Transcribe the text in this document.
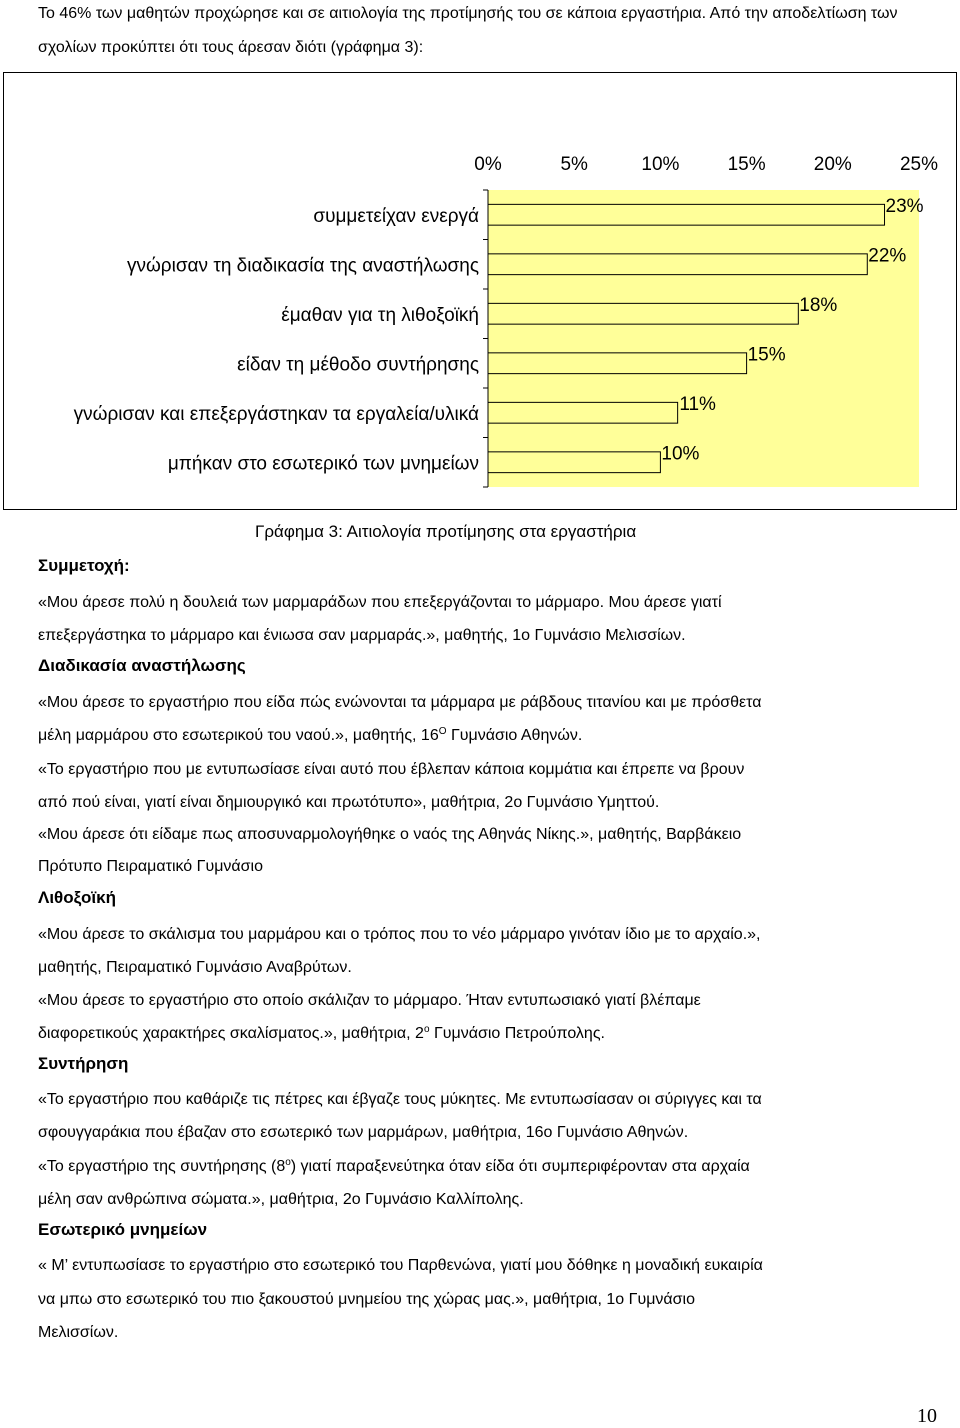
Το 46% των μαθητών προχώρησε και σε αιτιολογία της προτίμησής του σε κάποια εργαστήρια. Από την αποδελτίωση των σχολίων προκύπτει ότι τους άρεσαν διότι (γράφημα 3):
0%	5%	10%	15%	20%	25%
συμμετείχαν ενεργά	23%
γνώρισαν τη διαδικασία της αναστήλωσης	22%
έμαθαν για τη λιθοξοϊκή	18%
είδαν τη μέθοδο συντήρησης	15%
γνώρισαν και επεξεργάστηκαν τα εργαλεία/υλικά	11%
μπήκαν στο εσωτερικό των μνημείων	10%
Γράφημα 3: Αιτιολογία προτίμησης στα εργαστήρια
Συμμετοχή:
«Μου άρεσε πολύ η δουλειά των μαρμαράδων που επεξεργάζονται το μάρμαρο. Μου άρεσε γιατί
επεξεργάστηκα το μάρμαρο και ένιωσα σαν μαρμαράς.», μαθητής, 1ο Γυμνάσιο Μελισσίων.
Διαδικασία αναστήλωσης
«Μου άρεσε το εργαστήριο που είδα πώς ενώνονται τα μάρμαρα με ράβδους τιτανίου και με πρόσθετα
μέλη μαρμάρου στο εσωτερικού του ναού.», μαθητής, $16^O$ Γυμνάσιο Αθηνών.
«Το εργαστήριο που με εντυπωσίασε είναι αυτό που έβλεπαν κάποια κομμάτια και έπρεπε να βρουν
από πού είναι, γιατί είναι δημιουργικό και πρωτότυπο», μαθήτρια, 2ο Γυμνάσιο Υμηττού.
«Μου άρεσε ότι είδαμε πως αποσυναρμολογήθηκε ο ναός της Αθηνάς Νίκης.», μαθητής, Βαρβάκειο
Πρότυπο Πειραματικό Γυμνάσιο
Λιθοξοϊκή
«Μου άρεσε το σκάλισμα του μαρμάρου και ο τρόπος που το νέο μάρμαρο γινόταν ίδιο με το αρχαίο.»,
μαθητής, Πειραματικό Γυμνάσιο Αναβρύτων.
«Μου άρεσε το εργαστήριο στο οποίο σκάλιζαν το μάρμαρο. Ήταν εντυπωσιακό γιατί βλέπαμε
διαφορετικούς χαρακτήρες σκαλίσματος.», μαθήτρια, $2^o$ Γυμνάσιο Πετρούπολης.
Συντήρηση
«Το εργαστήριο που καθάριζε τις πέτρες και έβγαζε τους μύκητες. Με εντυπωσίασαν οι σύριγγες και τα
σφουγγαράκια που έβαζαν στο εσωτερικό των μαρμάρων, μαθήτρια, 16ο Γυμνάσιο Αθηνών.
«Το εργαστήριο της συντήρησης $(8^o)$ γιατί παραξενεύτηκα όταν είδα ότι συμπεριφέρονταν στα αρχαία
μέλη σαν ανθρώπινα σώματα.», μαθήτρια, 2ο Γυμνάσιο Καλλίπολης.
Εσωτερικό μνημείων
« Μ’ εντυπωσίασε το εργαστήριο στο εσωτερικό του Παρθενώνα, γιατί μου δόθηκε η μοναδική ευκαιρία
να μπω στο εσωτερικό του πιο ξακουστού μνημείου της χώρας μας.», μαθήτρια, 1ο Γυμνάσιο
Μελισσίων.
10
